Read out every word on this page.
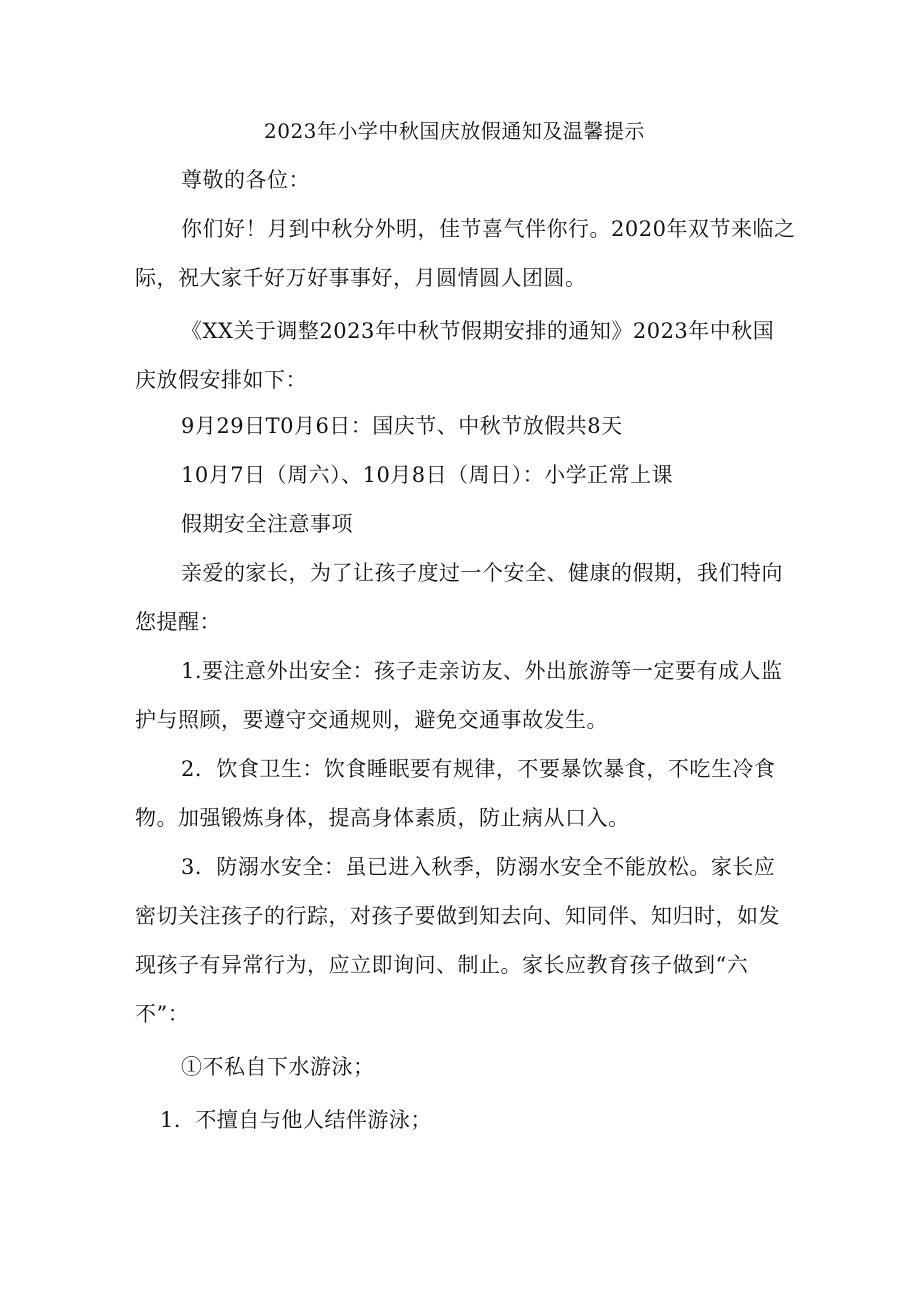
2023年小学中秋国庆放假通知及温馨提示
尊敬的各位：
你们好！月到中秋分外明，佳节喜气伴你行。2020年双节来临之
际，祝大家千好万好事事好，月圆情圆人团圆。
《XX关于调整2023年中秋节假期安排的通知》2023年中秋国
庆放假安排如下：
9月29日T0月6日：国庆节、中秋节放假共8天
10月7日（周六）、10月8日（周日）：小学正常上课
假期安全注意事项
亲爱的家长，为了让孩子度过一个安全、健康的假期，我们特向
您提醒：
1.要注意外出安全：孩子走亲访友、外出旅游等一定要有成人监
护与照顾，要遵守交通规则，避免交通事故发生。
2．饮食卫生：饮食睡眠要有规律，不要暴饮暴食，不吃生冷食
物。加强锻炼身体，提高身体素质，防止病从口入。
3．防溺水安全：虽已进入秋季，防溺水安全不能放松。家长应
密切关注孩子的行踪，对孩子要做到知去向、知同伴、知归时，如发
现孩子有异常行为，应立即询问、制止。家长应教育孩子做到“六
不”：
①不私自下水游泳；
1．不擅自与他人结伴游泳；
